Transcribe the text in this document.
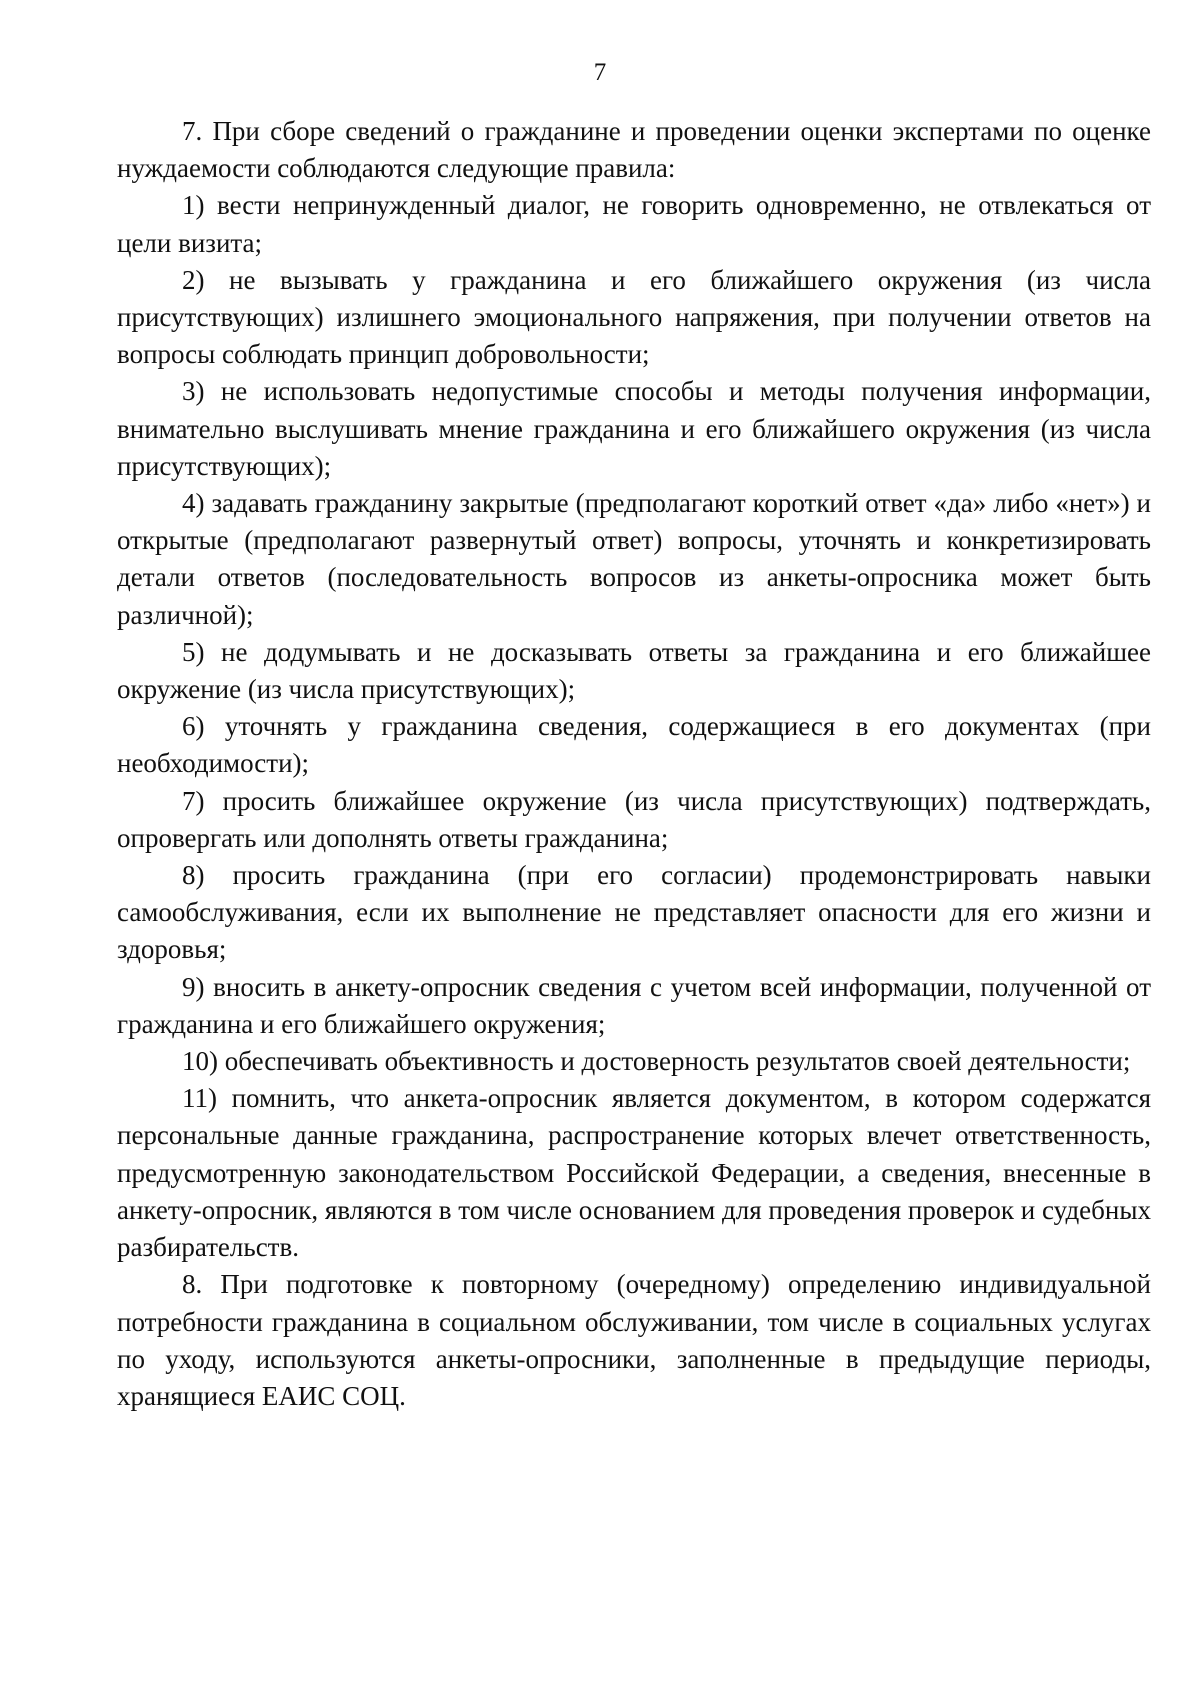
7

7. При сборе сведений о гражданине и проведении оценки экспертами по оценке нуждаемости соблюдаются следующие правила:

1) вести непринужденный диалог, не говорить одновременно, не отвлекаться от цели визита;

2) не вызывать у гражданина и его ближайшего окружения (из числа присутствующих) излишнего эмоционального напряжения, при получении ответов на вопросы соблюдать принцип добровольности;

3) не использовать недопустимые способы и методы получения информации, внимательно выслушивать мнение гражданина и его ближайшего окружения (из числа присутствующих);

4) задавать гражданину закрытые (предполагают короткий ответ «да» либо «нет») и открытые (предполагают развернутый ответ) вопросы, уточнять и конкретизировать детали ответов (последовательность вопросов из анкеты-опросника может быть различной);

5) не додумывать и не досказывать ответы за гражданина и его ближайшее окружение (из числа присутствующих);

6) уточнять у гражданина сведения, содержащиеся в его документах (при необходимости);

7) просить ближайшее окружение (из числа присутствующих) подтверждать, опровергать или дополнять ответы гражданина;

8) просить гражданина (при его согласии) продемонстрировать навыки самообслуживания, если их выполнение не представляет опасности для его жизни и здоровья;

9) вносить в анкету-опросник сведения с учетом всей информации, полученной от гражданина и его ближайшего окружения;

10) обеспечивать объективность и достоверность результатов своей деятельности;

11) помнить, что анкета-опросник является документом, в котором содержатся персональные данные гражданина, распространение которых влечет ответственность, предусмотренную законодательством Российской Федерации, а сведения, внесенные в анкету-опросник, являются в том числе основанием для проведения проверок и судебных разбирательств.

8. При подготовке к повторному (очередному) определению индивидуальной потребности гражданина в социальном обслуживании, том числе в социальных услугах по уходу, используются анкеты-опросники, заполненные в предыдущие периоды, хранящиеся ЕАИС СОЦ.
